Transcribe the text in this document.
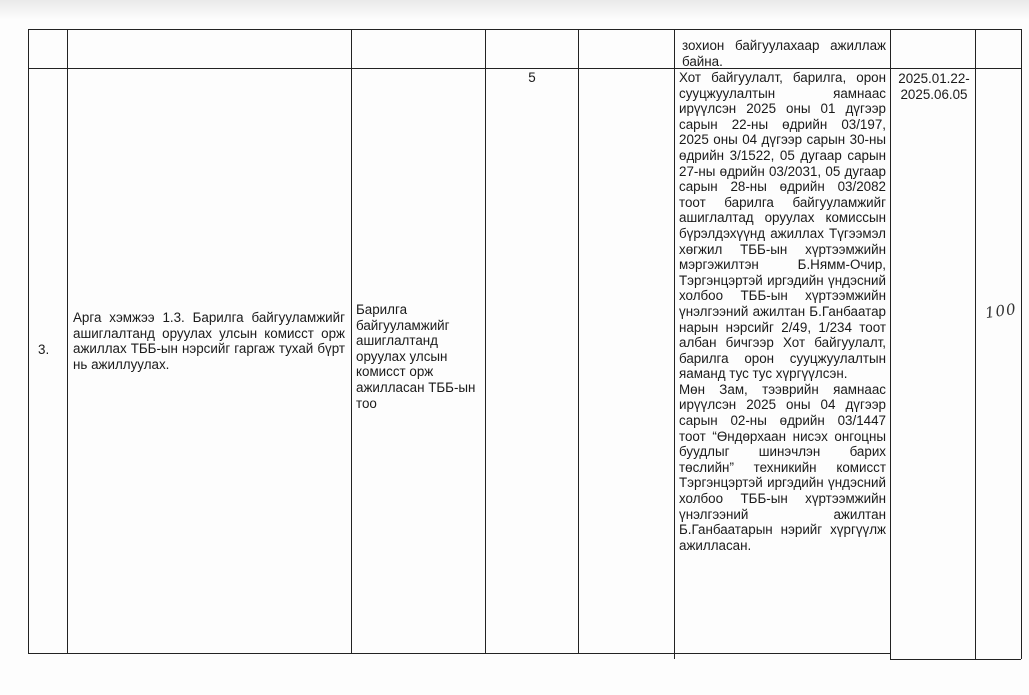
зохион байгуулахаар ажиллаж байна.

3.

Арга хэмжээ 1.3. Барилга байгууламжийг ашиглалтанд оруулах улсын комисст орж ажиллах ТББ-ын нэрсийг гаргаж тухай бүрт нь ажиллуулах.

Барилга байгууламжийг ашиглалтанд оруулах улсын комисст орж ажилласан ТББ-ын тоо

5	Хот байгуулалт, барилга, орон сууцжуулалтын яамнаас ирүүлсэн 2025 оны 01 дүгээр сарын 22-ны өдрийн 03/197, 2025 оны 04 дүгээр сарын 30-ны өдрийн 3/1522, 05 дугаар сарын 27-ны өдрийн 03/2031, 05 дугаар сарын 28-ны өдрийн 03/2082 тоот барилга байгууламжийг ашиглалтад оруулах комиссын бүрэлдэхүүнд ажиллах Түгээмэл хөгжил ТББ-ын хүртээмжийн мэргэжилтэн Б.Нямм-Очир, Тэргэнцэртэй иргэдийн үндэсний холбоо ТББ-ын хүртээмжийн үнэлгээний ажилтан Б.Ганбаатар нарын нэрсийг 2/49, 1/234 тоот албан бичгээр Хот байгуулалт, барилга орон сууцжуулалтын яаманд тус тус хүргүүлсэн.

Мөн Зам, тээврийн яамнаас ирүүлсэн 2025 оны 04 дүгээр сарын 02-ны өдрийн 03/1447 тоот “Өндөрхаан нисэх онгоцны буудлыг шинэчлэн барих төслийн” техникийн комисст Тэргэнцэртэй иргэдийн үндэсний холбоо ТББ-ын хүртээмжийн үнэлгээний ажилтан Б.Ганбаатарын нэрийг хүргүүлж ажилласан.

2025.01.22-2025.06.05

100
